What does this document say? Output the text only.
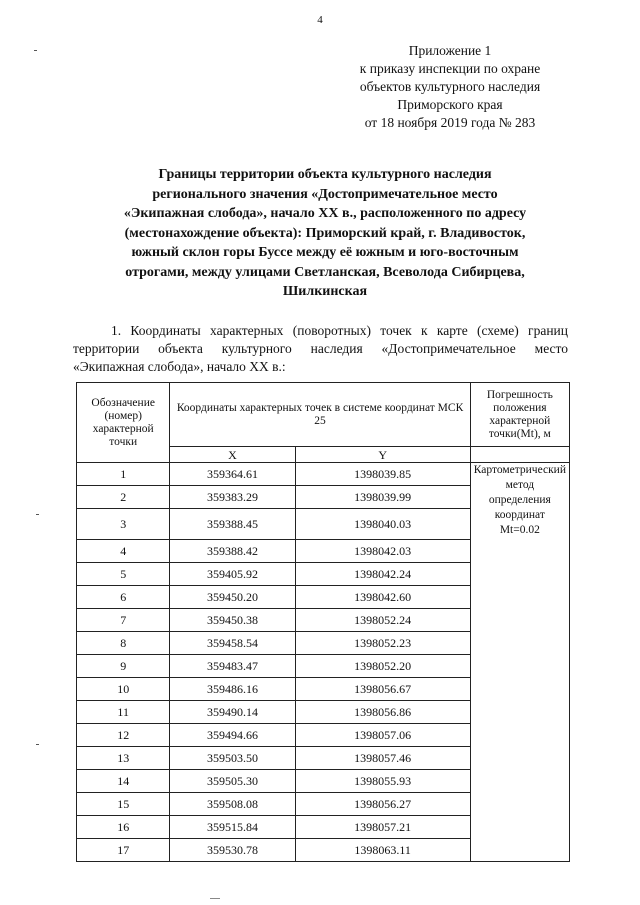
4
Приложение 1
к приказу инспекции по охране
объектов культурного наследия
Приморского края
от 18 ноября 2019 года № 283
Границы территории объекта культурного наследия
регионального значения «Достопримечательное место
«Экипажная слобода», начало XX в., расположенного по адресу
(местонахождение объекта): Приморский край, г. Владивосток,
южный склон горы Буссе между её южным и юго-восточным
отрогами, между улицами Светланская, Всеволода Сибирцева,
Шилкинская
1. Координаты характерных (поворотных) точек к карте (схеме) границ
территории объекта культурного наследия «Достопримечательное место
«Экипажная слобода», начало XX в.:
Обозначение (номер) характерной точки	Координаты характерных точек в системе координат МСК 25		Погрешность положения характерной точки(Mt), м
	X	Y	
1	359364.61	1398039.85	Картометрический метод определения координат Mt=0.02
2	359383.29	1398039.99	
3	359388.45	1398040.03	
4	359388.42	1398042.03	
5	359405.92	1398042.24	
6	359450.20	1398042.60	
7	359450.38	1398052.24	
8	359458.54	1398052.23	
9	359483.47	1398052.20	
10	359486.16	1398056.67	
11	359490.14	1398056.86	
12	359494.66	1398057.06	
13	359503.50	1398057.46	
14	359505.30	1398055.93	
15	359508.08	1398056.27	
16	359515.84	1398057.21	
17	359530.78	1398063.11	
